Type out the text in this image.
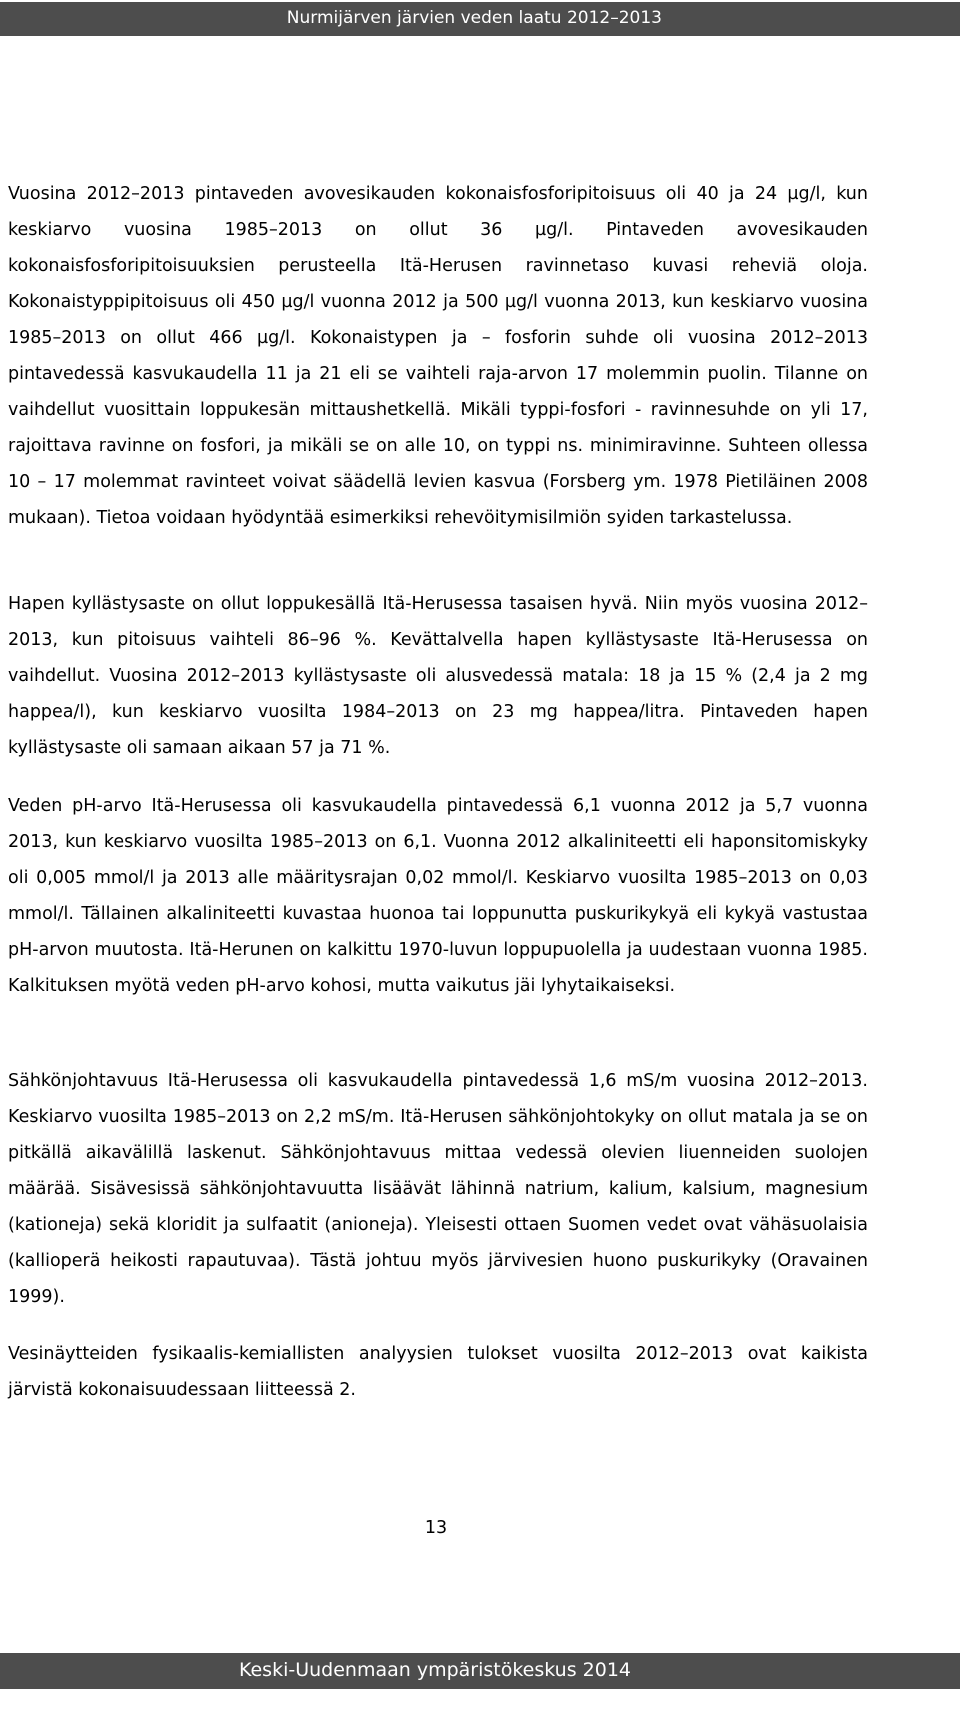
Nurmijärven järvien veden laatu 2012–2013

Vuosina 2012–2013 pintaveden avovesikauden kokonaisfosforipitoisuus oli 40 ja 24 µg/l, kun keskiarvo vuosina 1985–2013 on ollut 36 µg/l. Pintaveden avovesikauden kokonaisfosforipitoisuuksien perusteella Itä-Herusen ravinnetaso kuvasi reheviä oloja. Kokonaistyppipitoisuus oli 450 µg/l vuonna 2012 ja 500 µg/l vuonna 2013, kun keskiarvo vuosina 1985–2013 on ollut 466 µg/l. Kokonaistypen ja – fosforin suhde oli vuosina 2012–2013 pintavedessä kasvukaudella 11 ja 21 eli se vaihteli raja-arvon 17 molemmin puolin. Tilanne on vaihdellut vuosittain loppukesän mittaushetkellä. Mikäli typpi-fosfori - ravinnesuhde on yli 17, rajoittava ravinne on fosfori, ja mikäli se on alle 10, on typpi ns. minimiravinne. Suhteen ollessa 10 – 17 molemmat ravinteet voivat säädellä levien kasvua (Forsberg ym. 1978 Pietiläinen 2008 mukaan). Tietoa voidaan hyödyntää esimerkiksi rehevöitymisilmiön syiden tarkastelussa.

Hapen kyllästysaste on ollut loppukesällä Itä-Herusessa tasaisen hyvä. Niin myös vuosina 2012–2013, kun pitoisuus vaihteli 86–96 %. Kevättalvella hapen kyllästysaste Itä-Herusessa on vaihdellut. Vuosina 2012–2013 kyllästysaste oli alusvedessä matala: 18 ja 15 % (2,4 ja 2 mg happea/l), kun keskiarvo vuosilta 1984–2013 on 23 mg happea/litra. Pintaveden hapen kyllästysaste oli samaan aikaan 57 ja 71 %.

Veden pH-arvo Itä-Herusessa oli kasvukaudella pintavedessä 6,1 vuonna 2012 ja 5,7 vuonna 2013, kun keskiarvo vuosilta 1985–2013 on 6,1. Vuonna 2012 alkaliniteetti eli haponsitomiskyky oli 0,005 mmol/l ja 2013 alle määritysrajan 0,02 mmol/l. Keskiarvo vuosilta 1985–2013 on 0,03 mmol/l. Tällainen alkaliniteetti kuvastaa huonoa tai loppunutta puskurikykyä eli kykyä vastustaa pH-arvon muutosta. Itä-Herunen on kalkittu 1970-luvun loppupuolella ja uudestaan vuonna 1985. Kalkituksen myötä veden pH-arvo kohosi, mutta vaikutus jäi lyhytaikaiseksi.

Sähkönjohtavuus Itä-Herusessa oli kasvukaudella pintavedessä 1,6 mS/m vuosina 2012–2013. Keskiarvo vuosilta 1985–2013 on 2,2 mS/m. Itä-Herusen sähkönjohtokyky on ollut matala ja se on pitkällä aikavälillä laskenut. Sähkönjohtavuus mittaa vedessä olevien liuenneiden suolojen määrää. Sisävesissä sähkönjohtavuutta lisäävät lähinnä natrium, kalium, kalsium, magnesium (kationeja) sekä kloridit ja sulfaatit (anioneja). Yleisesti ottaen Suomen vedet ovat vähäsuolaisia (kallioperä heikosti rapautuvaa). Tästä johtuu myös järvivesien huono puskurikyky (Oravainen 1999).

Vesinäytteiden fysikaalis-kemiallisten analyysien tulokset vuosilta 2012–2013 ovat kaikista järvistä kokonaisuudessaan liitteessä 2.

13
Keski-Uudenmaan ympäristökeskus 2014
